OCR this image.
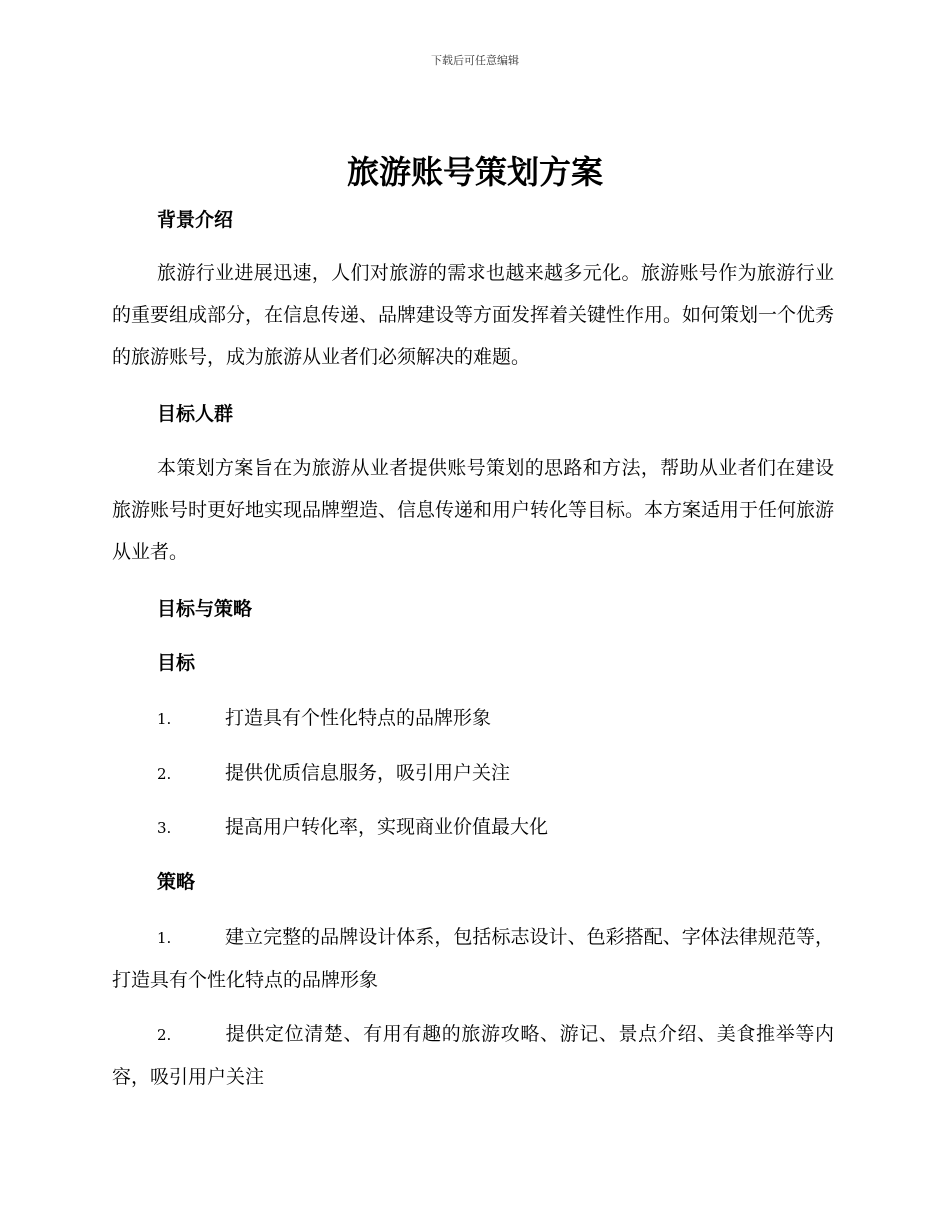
下载后可任意编辑
旅游账号策划方案
背景介绍

旅游行业进展迅速，人们对旅游的需求也越来越多元化。旅游账号作为旅游行业的重要组成部分，在信息传递、品牌建设等方面发挥着关键性作用。如何策划一个优秀的旅游账号，成为旅游从业者们必须解决的难题。

目标人群

本策划方案旨在为旅游从业者提供账号策划的思路和方法，帮助从业者们在建设旅游账号时更好地实现品牌塑造、信息传递和用户转化等目标。本方案适用于任何旅游从业者。

目标与策略
目标
1.	打造具有个性化特点的品牌形象
2.	提供优质信息服务，吸引用户关注
3.	提高用户转化率，实现商业价值最大化
策略
1.	建立完整的品牌设计体系，包括标志设计、色彩搭配、字体法律规范等，打造具有个性化特点的品牌形象
2.	提供定位清楚、有用有趣的旅游攻略、游记、景点介绍、美食推举等内容，吸引用户关注
